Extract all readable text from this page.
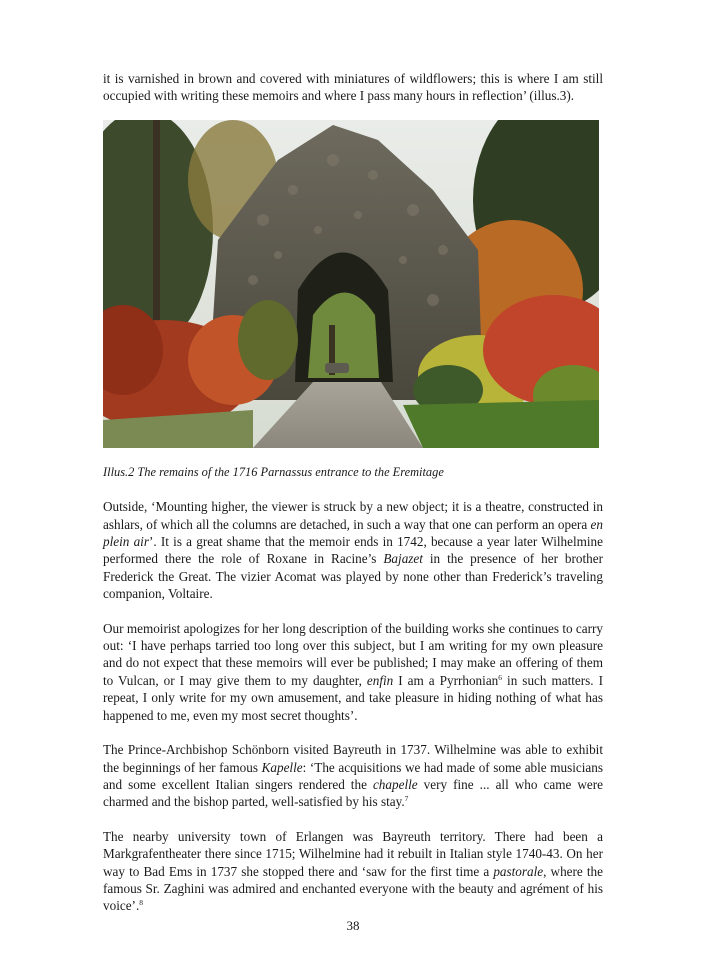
it is varnished in brown and covered with miniatures of wildflowers; this is where I am still occupied with writing these memoirs and where I pass many hours in reflection’ (illus.3).

Illus.2 The remains of the 1716 Parnassus entrance to the Eremitage

Outside, ‘Mounting higher, the viewer is struck by a new object; it is a theatre, constructed in ashlars, of which all the columns are detached, in such a way that one can perform an opera en plein air’. It is a great shame that the memoir ends in 1742, because a year later Wilhelmine performed there the role of Roxane in Racine’s Bajazet in the presence of her brother Frederick the Great. The vizier Acomat was played by none other than Frederick’s traveling companion, Voltaire.

Our memoirist apologizes for her long description of the building works she continues to carry out: ‘I have perhaps tarried too long over this subject, but I am writing for my own pleasure and do not expect that these memoirs will ever be published; I may make an offering of them to Vulcan, or I may give them to my daughter, enfin I am a Pyrrhonian$^6$ in such matters. I repeat, I only write for my own amusement, and take pleasure in hiding nothing of what has happened to me, even my most secret thoughts’.

The Prince-Archbishop Schönborn visited Bayreuth in 1737. Wilhelmine was able to exhibit the beginnings of her famous Kapelle: ‘The acquisitions we had made of some able musicians and some excellent Italian singers rendered the chapelle very fine ... all who came were charmed and the bishop parted, well-satisfied by his stay.$^7$

The nearby university town of Erlangen was Bayreuth territory. There had been a Markgrafentheater there since 1715; Wilhelmine had it rebuilt in Italian style 1740-43. On her way to Bad Ems in 1737 she stopped there and ‘saw for the first time a pastorale, where the famous Sr. Zaghini was admired and enchanted everyone with the beauty and agrément of his voice’.$^8$

38
